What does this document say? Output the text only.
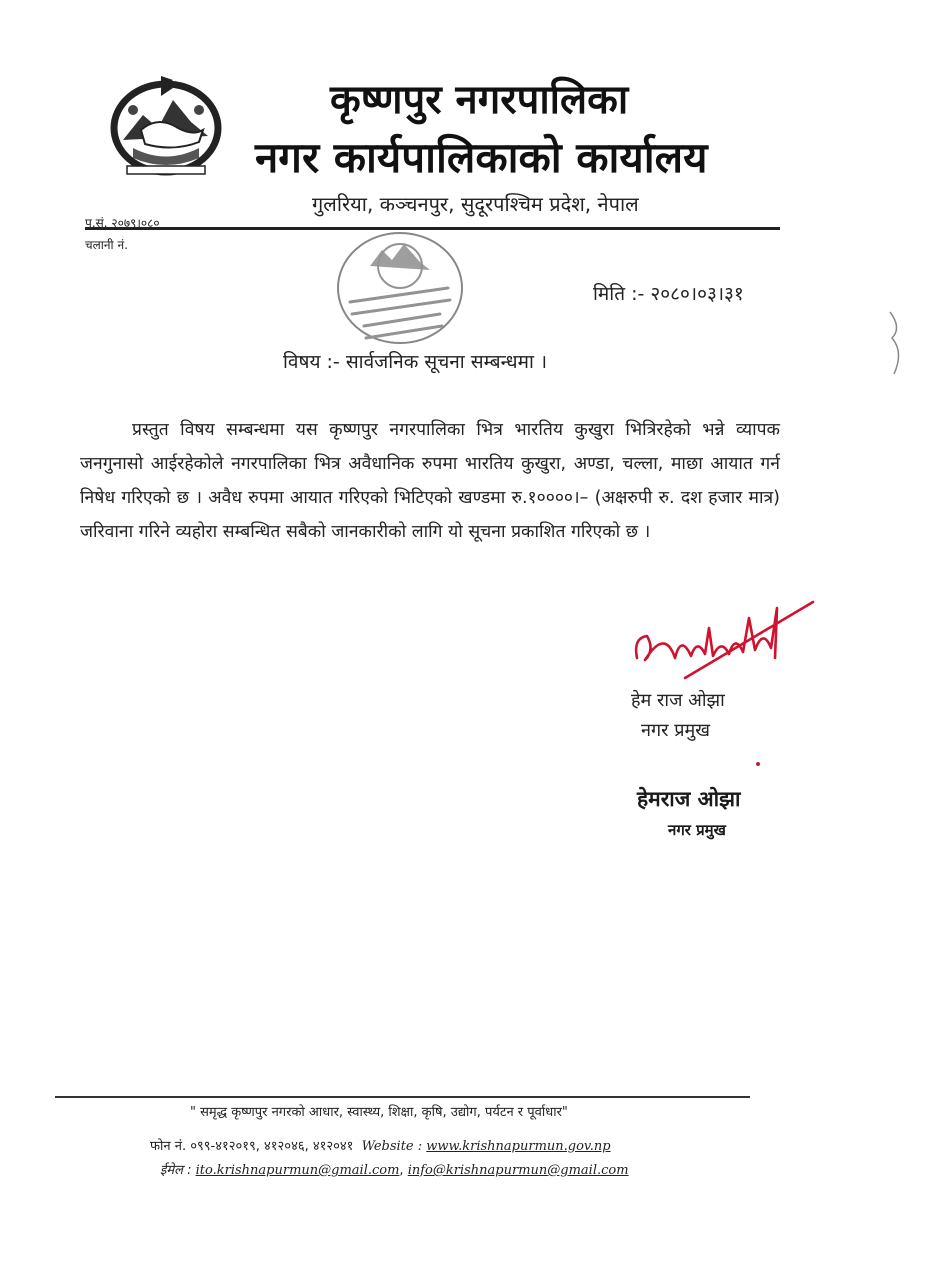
कृष्णपुर नगरपालिका
नगर कार्यपालिकाको कार्यालय
गुलरिया, कञ्चनपुर, सुदूरपश्चिम प्रदेश, नेपाल
प.सं. २०७९।०८०
चलानी नं.
मिति :- २०८०।०३।३१
विषय :- सार्वजनिक सूचना सम्बन्धमा ।

प्रस्तुत विषय सम्बन्धमा यस कृष्णपुर नगरपालिका भित्र भारतिय कुखुरा भित्रिरहेको भन्ने व्यापक जनगुनासो आईरहेकोले नगरपालिका भित्र अवैधानिक रुपमा भारतिय कुखुरा, अण्डा, चल्ला, माछा आयात गर्न निषेध गरिएको छ । अवैध रुपमा आयात गरिएको भिटिएको खण्डमा रु.१००००।– (अक्षरुपी रु. दश हजार मात्र) जरिवाना गरिने व्यहोरा सम्बन्धित सबैको जानकारीको लागि यो सूचना प्रकाशित गरिएको छ ।

हेम राज ओझा
नगर प्रमुख
हेमराज ओझा
नगर प्रमुख
" समृद्ध कृष्णपुर नगरको आधार, स्वास्थ्य, शिक्षा, कृषि, उद्योग, पर्यटन र पूर्वाधार"
फोन नं. ०९९-४१२०१९, ४१२०४६, ४१२०४१ Website : www.krishnapurmun.gov.np
ईमेल : ito.krishnapurmun@gmail.com, info@krishnapurmun@gmail.com
